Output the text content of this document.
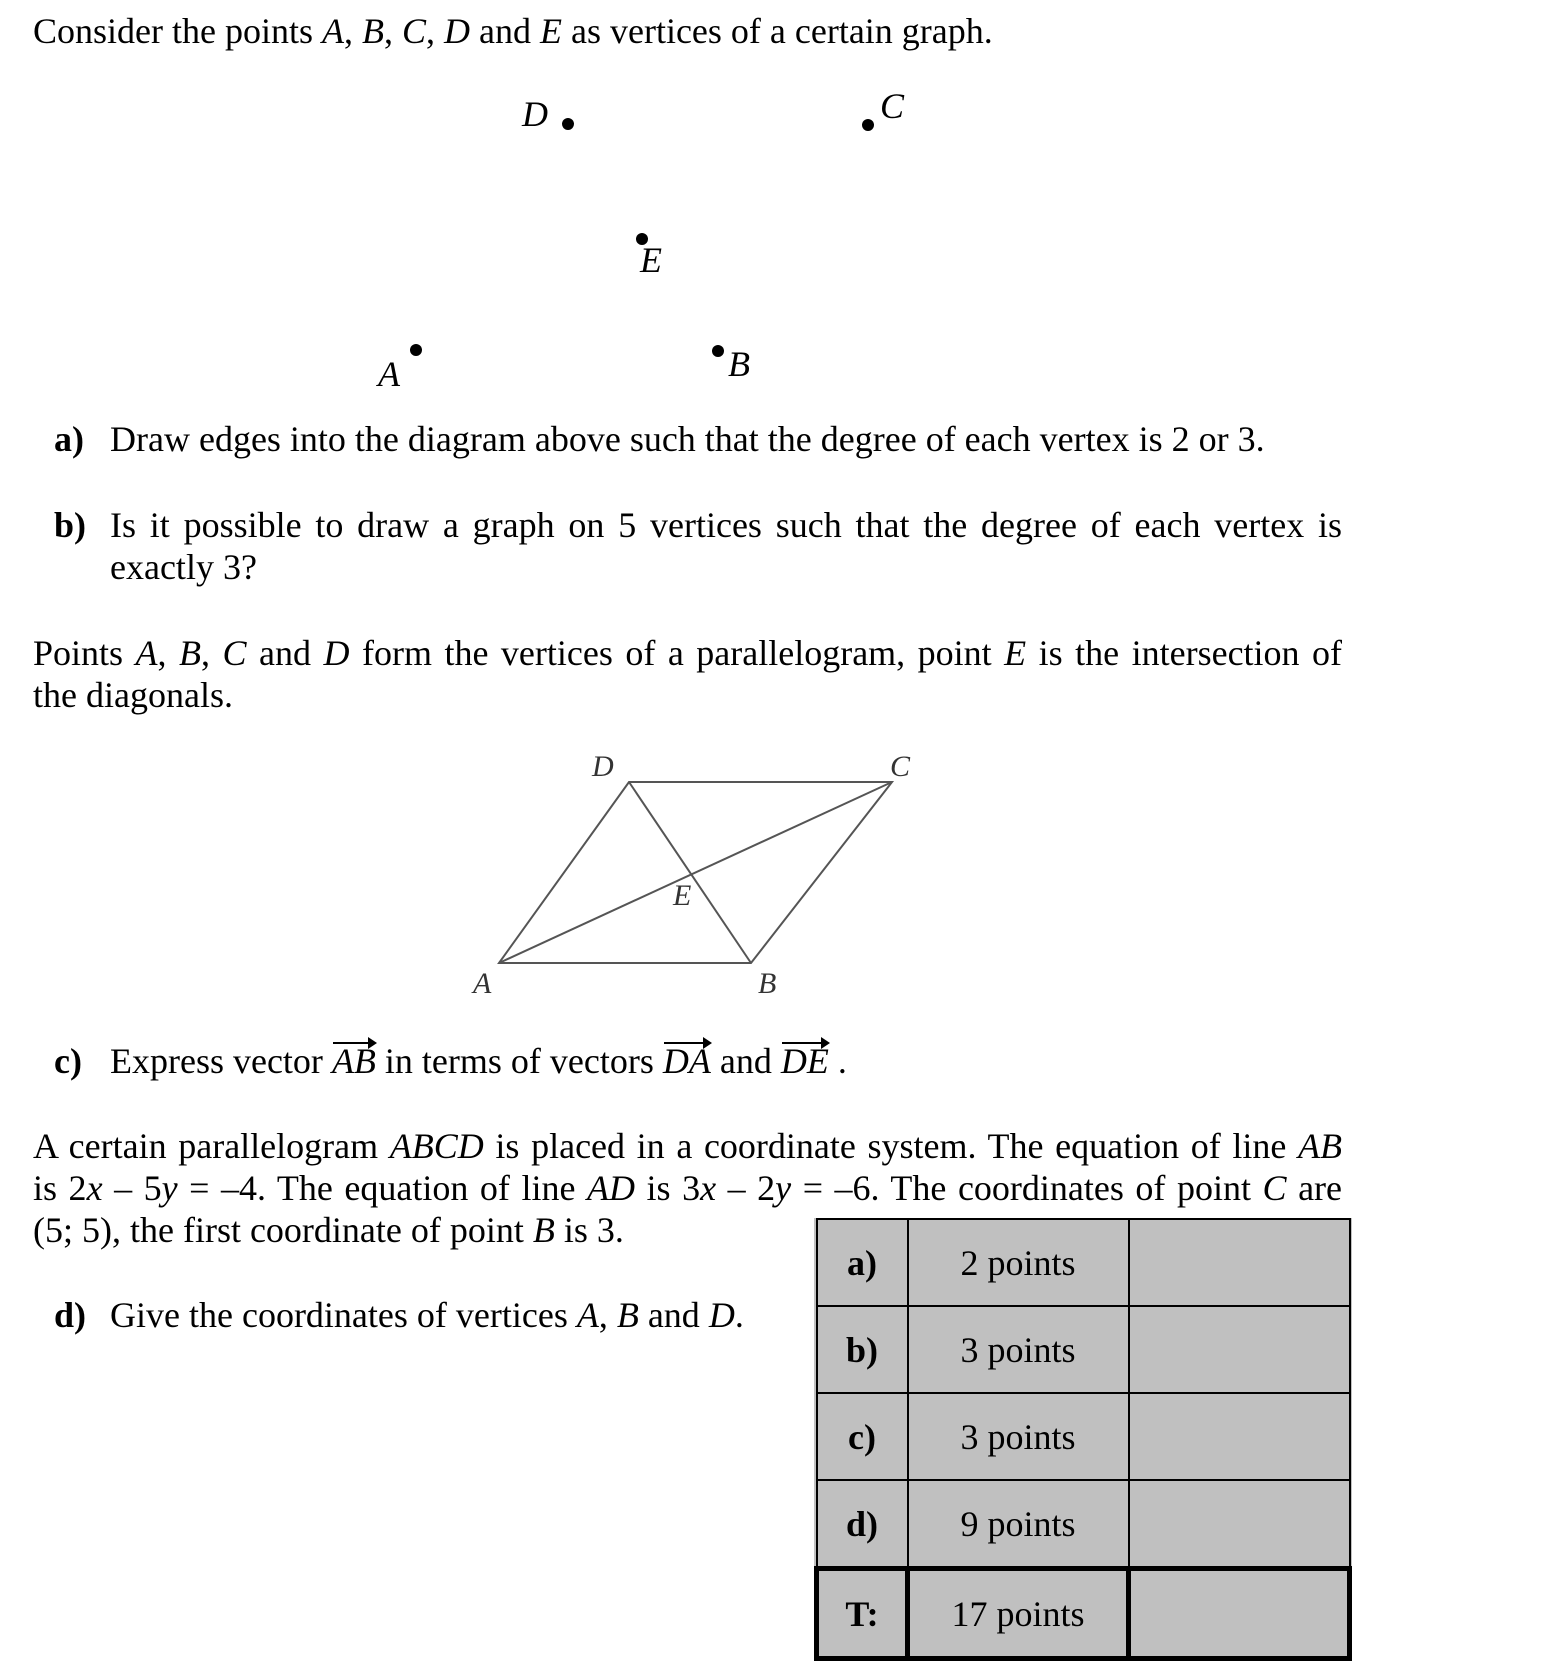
Consider the points A, B, C, D and E as vertices of a certain graph.
D	C
E
A	B
a) Draw edges into the diagram above such that the degree of each vertex is 2 or 3.
b) Is it possible to draw a graph on 5 vertices such that the degree of each vertex is
exactly 3?
Points A, B, C and D form the vertices of a parallelogram, point E is the intersection of
the diagonals.
D	C
E
A	B
c) Express vector AB in terms of vectors DA and DE .
A certain parallelogram ABCD is placed in a coordinate system. The equation of line AB
is 2x – 5y = –4. The equation of line AD is 3x – 2y = –6. The coordinates of point C are
(5; 5), the first coordinate of point B is 3.
d) Give the coordinates of vertices A, B and D.
a)	2 points	
b)	3 points	
c)	3 points	
d)	9 points	
T:	17 points	
